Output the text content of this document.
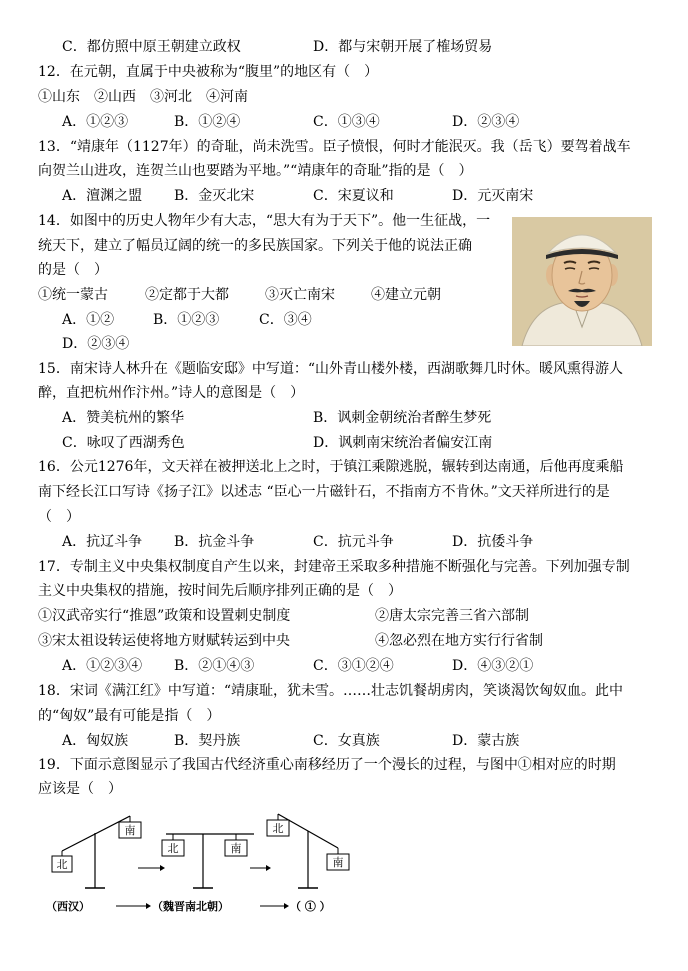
C．都仿照中原王朝建立政权	D．都与宋朝开展了榷场贸易
12．在元朝，直属于中央被称为“腹里”的地区有（　）
①山东　②山西　③河北　④河南
A．①②③	B．①②④	C．①③④	D．②③④
13．“靖康年（1127年）的奇耻，尚未洗雪。臣子愤恨，何时才能泯灭。我（岳飞）要驾着战车
向贺兰山进攻，连贺兰山也要踏为平地。”“靖康年的奇耻”指的是（　）
A．澶渊之盟 B．金灭北宋	C．宋夏议和	D．元灭南宋
14．如图中的历史人物年少有大志，“思大有为于天下”。他一生征战，一
统天下，建立了幅员辽阔的统一的多民族国家。下列关于他的说法正确
的是（　）
①统一蒙古	②定都于大都	③灭亡南宋	④建立元朝
A．①②	B．①②③	C．③④
D．②③④
15．南宋诗人林升在《题临安邸》中写道：“山外青山楼外楼，西湖歌舞几时休。暖风熏得游人
醉，直把杭州作汴州。”诗人的意图是（　）
A．赞美杭州的繁华	B．讽刺金朝统治者醉生梦死
C．咏叹了西湖秀色	D．讽刺南宋统治者偏安江南
16．公元1276年，文天祥在被押送北上之时，于镇江乘隙逃脱，辗转到达南通，后他再度乘船
南下经长江口写诗《扬子江》以述志 “臣心一片磁针石，不指南方不肯休。”文天祥所进行的是
（　）
A．抗辽斗争 B．抗金斗争	C．抗元斗争	D．抗倭斗争
17．专制主义中央集权制度自产生以来，封建帝王采取多种措施不断强化与完善。下列加强专制
主义中央集权的措施，按时间先后顺序排列正确的是（　）
①汉武帝实行“推恩”政策和设置刺史制度	②唐太宗完善三省六部制
③宋太祖设转运使将地方财赋转运到中央	④忽必烈在地方实行行省制
A．①②③④ B．②①④③	C．③①②④	D．④③②①
18．宋词《满江红》中写道：“靖康耻，犹未雪。……壮志饥餐胡虏肉，笑谈渴饮匈奴血。此中
的“匈奴”最有可能是指（　）
A．匈奴族	B．契丹族	C．女真族	D．蒙古族
19．下面示意图显示了我国古代经济重心南移经历了一个漫长的过程，与图中①相对应的时期
应该是（　）
北
南
北	南
北
南
（西汉）	（魏晋南北朝）	（ ① ）
